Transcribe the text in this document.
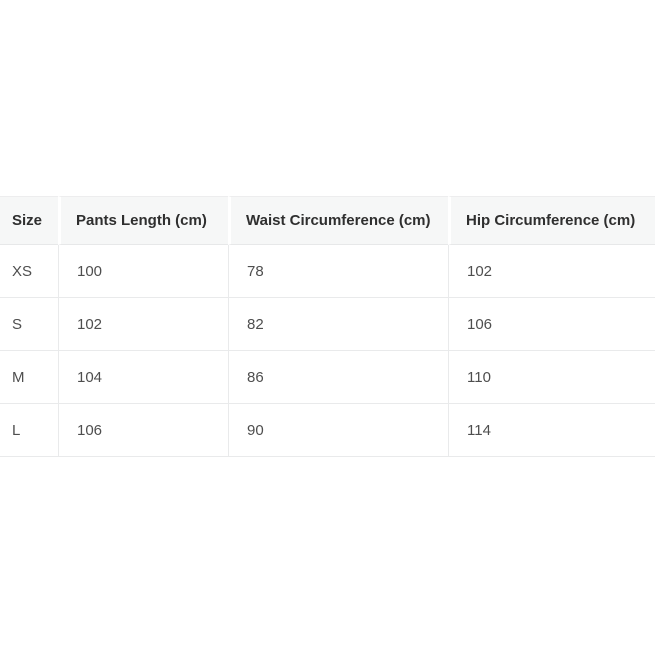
Size	Pants Length (cm)	Waist Circumference (cm)	Hip Circumference (cm)
XS	100	78	102
S	102	82	106
M	104	86	110
L	106	90	114
